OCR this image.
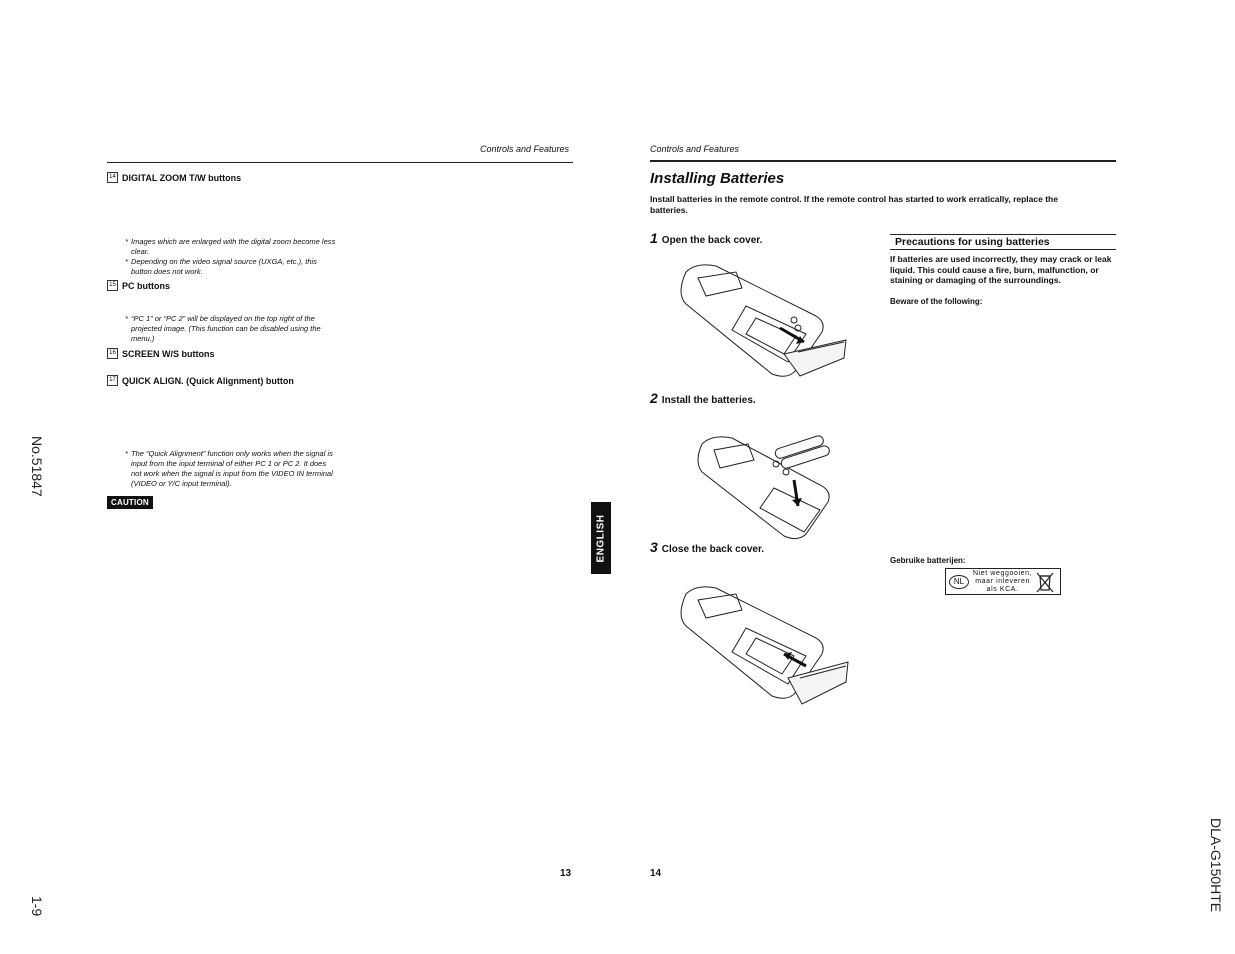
No.51847
1-9	DLA-G150HTE
Controls and Features
14 DIGITAL ZOOM T/W buttons
* Images which are enlarged with the digital zoom become less clear.
* Depending on the video signal source (UXGA, etc.), this button does not work.
15 PC buttons
* “PC 1” or “PC 2” will be displayed on the top right of the projected image. (This function can be disabled using the menu.)
16 SCREEN W/S buttons
17 QUICK ALIGN. (Quick Alignment) button
* The “Quick Alignment” function only works when the signal is input from the input terminal of either PC 1 or PC 2. It does not work when the signal is input from the VIDEO IN terminal (VIDEO or Y/C input terminal).
CAUTION
13
ENGLISH
Controls and Features
Installing Batteries
Install batteries in the remote control. If the remote control has started to work erratically, replace the batteries.
1 Open the back cover.
2 Install the batteries.
3 Close the back cover.
Precautions for using batteries
If batteries are used incorrectly, they may crack or leak liquid. This could cause a fire, burn, malfunction, or staining or damaging of the surroundings.
Beware of the following:
Gebruike batterijen:
NL
Niet weggooien,
maar inleveren
als KCA.
14
